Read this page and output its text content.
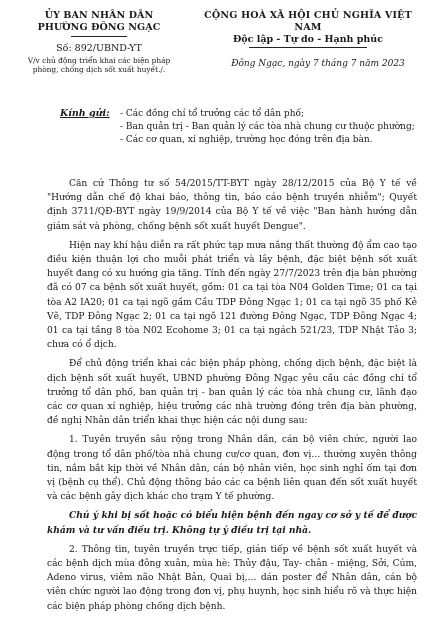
ỦY BAN NHÂN DÂN
PHƯỜNG ĐÔNG NGẠC
Số: 892/UBND-YT
V/v chủ động triển khai các biện pháp phòng, chống dịch sốt xuất huyết./.
CỘNG HOÀ XÃ HỘI CHỦ NGHĨA VIỆT NAM
Độc lập - Tự do - Hạnh phúc
Đông Ngạc, ngày 7 tháng 7 năm 2023
Kính gửi: - Các đồng chí tổ trưởng các tổ dân phố;
- Ban quản trị - Ban quản lý các tòa nhà chung cư thuộc phường;
- Các cơ quan, xí nghiệp, trường học đóng trên địa bàn.

Căn cứ Thông tư số 54/2015/TT-BYT ngày 28/12/2015 của Bộ Y tế về "Hướng dẫn chế độ khai báo, thông tin, báo cáo bệnh truyền nhiễm"; Quyết định 3711/QĐ-BYT ngày 19/9/2014 của Bộ Y tế về việc "Ban hành hướng dẫn giám sát và phòng, chống bệnh sốt xuất huyết Dengue".

Hiện nay khí hậu diễn ra rất phức tạp mưa nắng thất thường độ ẩm cao tạo điều kiện thuận lợi cho muỗi phát triển và lây bệnh, đặc biệt bệnh sốt xuất huyết đang có xu hướng gia tăng. Tính đến ngày 27/7/2023 trên địa bàn phường đã có 07 ca bệnh sốt xuất huyết, gồm: 01 ca tại tòa N04 Golden Time; 01 ca tại tòa A2 IA20; 01 ca tại ngõ gầm Cầu TDP Đông Ngạc 1; 01 ca tại ngõ 35 phố Kẻ Vẽ, TDP Đông Ngạc 2; 01 ca tại ngõ 121 đường Đông Ngạc, TDP Đông Ngạc 4; 01 ca tại tầng 8 tòa N02 Ecohome 3; 01 ca tại ngách 521/23, TDP Nhật Tảo 3; chưa có ổ dịch.

Để chủ động triển khai các biện pháp phòng, chống dịch bệnh, đặc biệt là dịch bệnh sốt xuất huyết, UBND phường Đông Ngạc yêu cầu các đồng chí tổ trưởng tổ dân phố, ban quản trị - ban quản lý các tòa nhà chung cư, lãnh đạo các cơ quan xí nghiệp, hiệu trưởng các nhà trường đóng trên địa bàn phường, đề nghị Nhân dân triển khai thực hiện các nội dung sau:

1. Tuyên truyền sâu rộng trong Nhân dân, cán bộ viên chức, người lao động trong tổ dân phố/tòa nhà chung cư/cơ quan, đơn vị… thường xuyên thông tin, nắm bắt kịp thời về Nhân dân, cán bộ nhân viên, học sinh nghỉ ốm tại đơn vị (bệnh cụ thể). Chủ động thông báo các ca bệnh liên quan đến sốt xuất huyết và các bệnh gây dịch khác cho trạm Y tế phường.

Chú ý khi bị sốt hoặc có biểu hiện bệnh đến ngay cơ sở y tế để được khám và tư vấn điều trị. Không tự ý điều trị tại nhà.

2. Thông tin, tuyên truyền trực tiếp, gián tiếp về bệnh sốt xuất huyết và các bệnh dịch mùa đông xuân, mùa hè: Thủy đậu, Tay- chân - miệng, Sởi, Cúm, Adeno virus, viêm não Nhật Bản, Quai bị,… dán poster để Nhân dân, cán bộ viên chức người lao động trong đơn vị, phụ huynh, học sinh hiểu rõ và thực hiện các biện pháp phòng chống dịch bệnh.
